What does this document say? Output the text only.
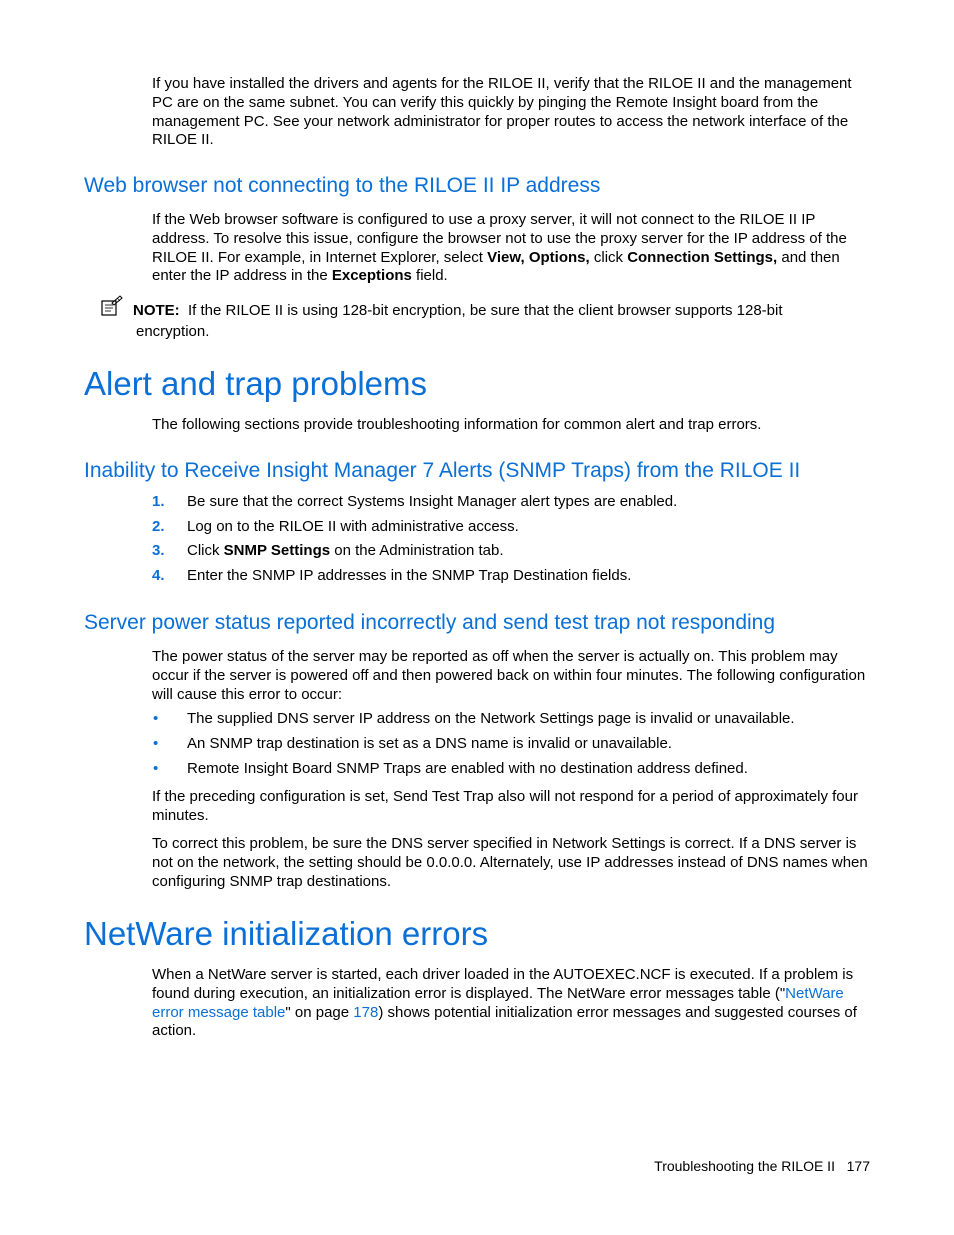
If you have installed the drivers and agents for the RILOE II, verify that the RILOE II and the management PC are on the same subnet. You can verify this quickly by pinging the Remote Insight board from the management PC. See your network administrator for proper routes to access the network interface of the RILOE II.

Web browser not connecting to the RILOE II IP address

If the Web browser software is configured to use a proxy server, it will not connect to the RILOE II IP address. To resolve this issue, configure the browser not to use the proxy server for the IP address of the RILOE II. For example, in Internet Explorer, select View, Options, click Connection Settings, and then enter the IP address in the Exceptions field.

NOTE: If the RILOE II is using 128-bit encryption, be sure that the client browser supports 128-bit
encryption.
Alert and trap problems

The following sections provide troubleshooting information for common alert and trap errors.

Inability to Receive Insight Manager 7 Alerts (SNMP Traps) from the RILOE II
1. Be sure that the correct Systems Insight Manager alert types are enabled.
2. Log on to the RILOE II with administrative access.
3. Click SNMP Settings on the Administration tab.
4. Enter the SNMP IP addresses in the SNMP Trap Destination fields.
Server power status reported incorrectly and send test trap not responding

The power status of the server may be reported as off when the server is actually on. This problem may occur if the server is powered off and then powered back on within four minutes. The following configuration will cause this error to occur:

• The supplied DNS server IP address on the Network Settings page is invalid or unavailable.
• An SNMP trap destination is set as a DNS name is invalid or unavailable.
• Remote Insight Board SNMP Traps are enabled with no destination address defined.

If the preceding configuration is set, Send Test Trap also will not respond for a period of approximately four minutes.

To correct this problem, be sure the DNS server specified in Network Settings is correct. If a DNS server is not on the network, the setting should be 0.0.0.0. Alternately, use IP addresses instead of DNS names when configuring SNMP trap destinations.

NetWare initialization errors

When a NetWare server is started, each driver loaded in the AUTOEXEC.NCF is executed. If a problem is found during execution, an initialization error is displayed. The NetWare error messages table ("NetWare error message table" on page 178) shows potential initialization error messages and suggested courses of action.

Troubleshooting the RILOE II 177
